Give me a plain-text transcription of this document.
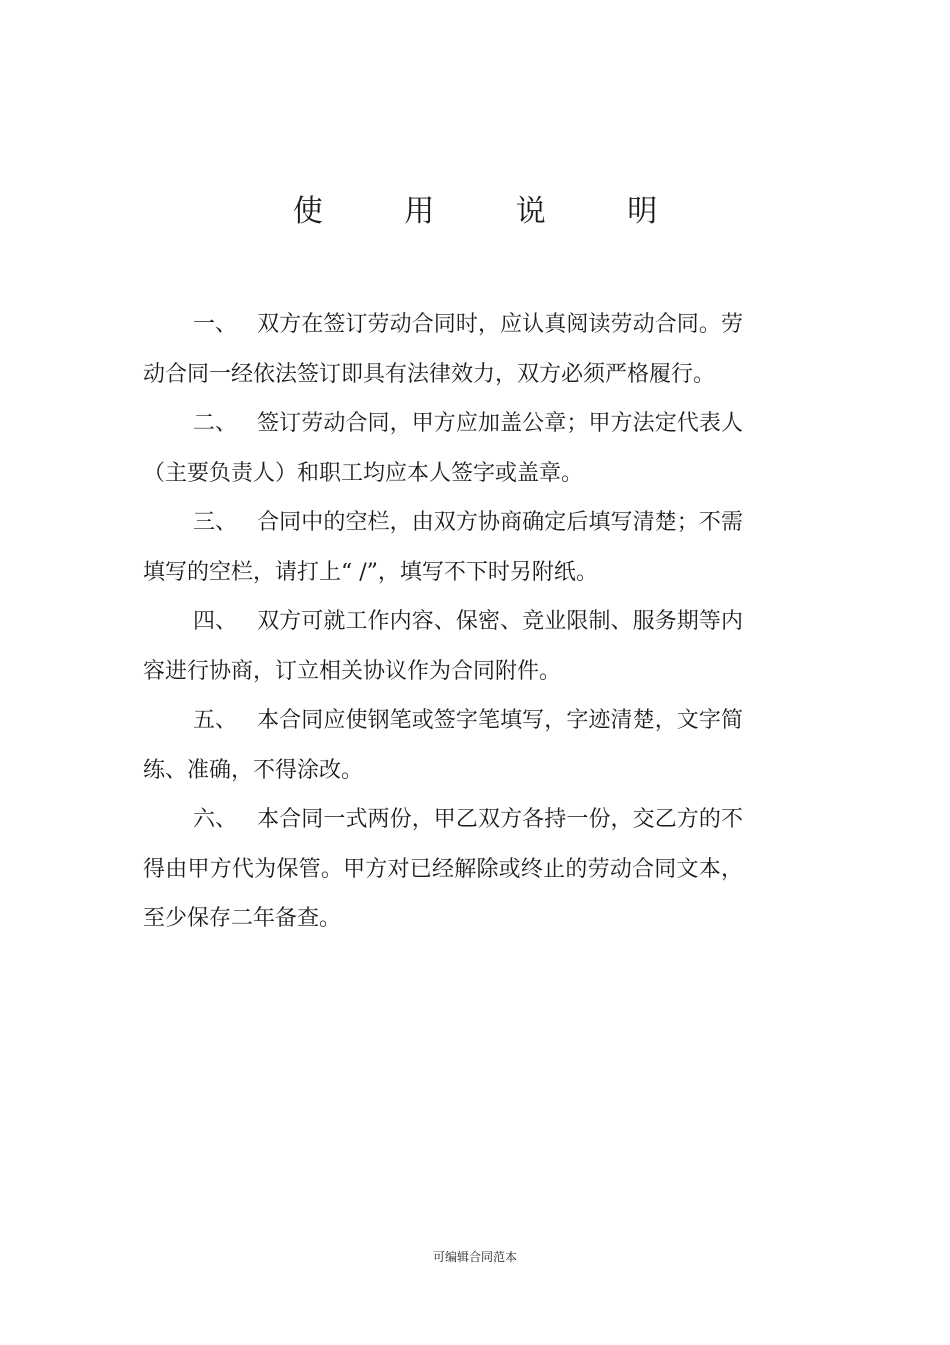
使 用 说 明

一、 双方在签订劳动合同时，应认真阅读劳动合同。劳动合同一经依法签订即具有法律效力，双方必须严格履行。

二、 签订劳动合同，甲方应加盖公章；甲方法定代表人（主要负责人）和职工均应本人签字或盖章。

三、 合同中的空栏，由双方协商确定后填写清楚；不需填写的空栏，请打上“ /”，填写不下时另附纸。

四、 双方可就工作内容、保密、竞业限制、服务期等内容进行协商，订立相关协议作为合同附件。

五、 本合同应使钢笔或签字笔填写，字迹清楚，文字简练、准确，不得涂改。

六、 本合同一式两份，甲乙双方各持一份，交乙方的不得由甲方代为保管。甲方对已经解除或终止的劳动合同文本，至少保存二年备查。

可编辑合同范本
